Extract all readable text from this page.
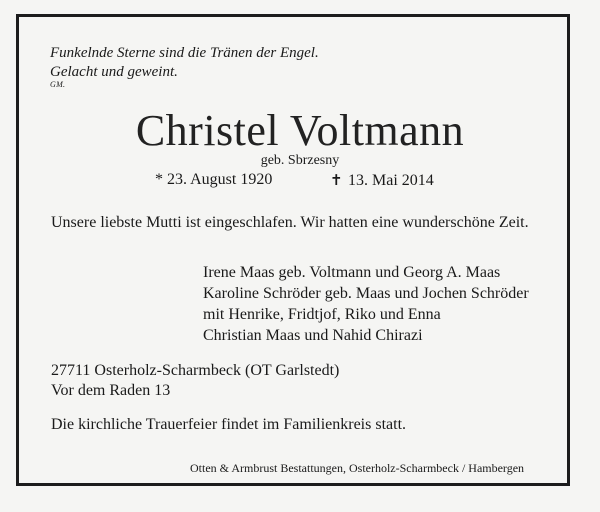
Funkelnde Sterne sind die Tränen der Engel.
Gelacht und geweint.
GM.
Christel Voltmann
geb. Sbrzesny
* 23. August 1920	✝ 13. Mai 2014
Unsere liebste Mutti ist eingeschlafen. Wir hatten eine wunderschöne Zeit.
Irene Maas geb. Voltmann und Georg A. Maas
Karoline Schröder geb. Maas und Jochen Schröder
mit Henrike, Fridtjof, Riko und Enna
Christian Maas und Nahid Chirazi
27711 Osterholz-Scharmbeck (OT Garlstedt)
Vor dem Raden 13
Die kirchliche Trauerfeier findet im Familienkreis statt.
Otten & Armbrust Bestattungen, Osterholz-Scharmbeck / Hambergen
